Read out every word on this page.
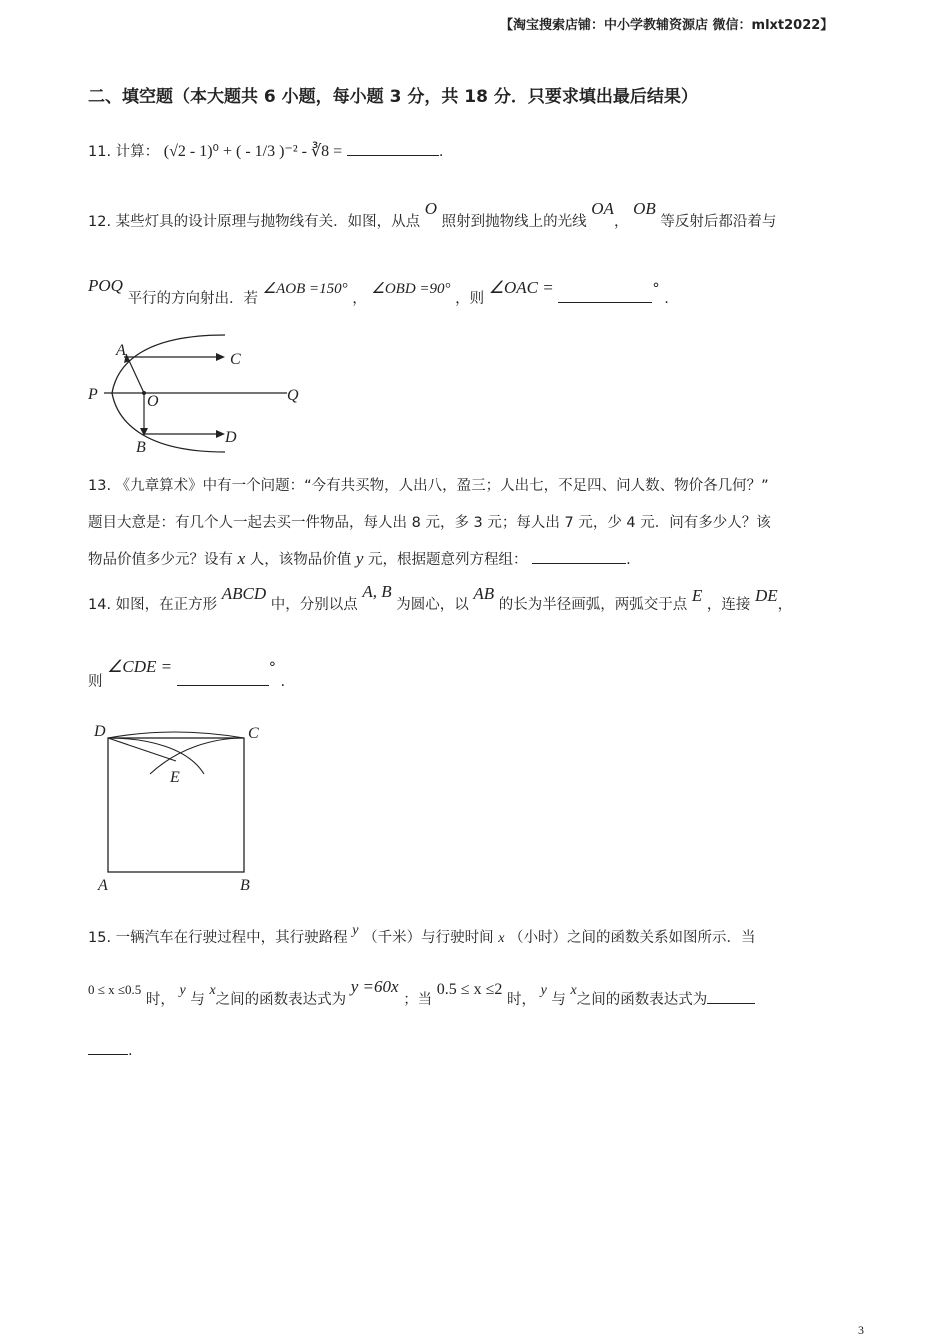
【淘宝搜索店铺：中小学教辅资源店 微信：mlxt2022】
二、填空题（本大题共 6 小题，每小题 3 分，共 18 分．只要求填出最后结果）
11. 计算： (√2 - 1)⁰ + ( - 1/3 )⁻² - ∛8 =	.
12. 某些灯具的设计原理与抛物线有关．如图，从点 O 照射到抛物线上的光线 OA， OB 等反射后都沿着与
POQ 平行的方向射出．若 ∠AOB =150° ， ∠OBD =90° ，则 ∠OAC =	° .
A
C
P	O	Q
B
D
13. 《九章算术》中有一个问题：“今有共买物，人出八，盈三；人出七，不足四、问人数、物价各几何？”
题目大意是：有几个人一起去买一件物品，每人出 8 元，多 3 元；每人出 7 元，少 4 元．问有多少人？该
物品价值多少元？设有 x 人，该物品价值 y 元，根据题意列方程组：	.
14. 如图，在正方形 ABCD 中，分别以点 A, B 为圆心，以 AB 的长为半径画弧，两弧交于点 E ，连接 DE，
则 ∠CDE =	° .
D	C
E
A	B
15. 一辆汽车在行驶过程中，其行驶路程 y （千米）与行驶时间 x （小时）之间的函数关系如图所示．当
0 ≤ x ≤0.5 时， y 与 x之间的函数表达式为 y =60x ；当 0.5 ≤ x ≤2 时， y 与 x之间的函数表达式为
.
3
